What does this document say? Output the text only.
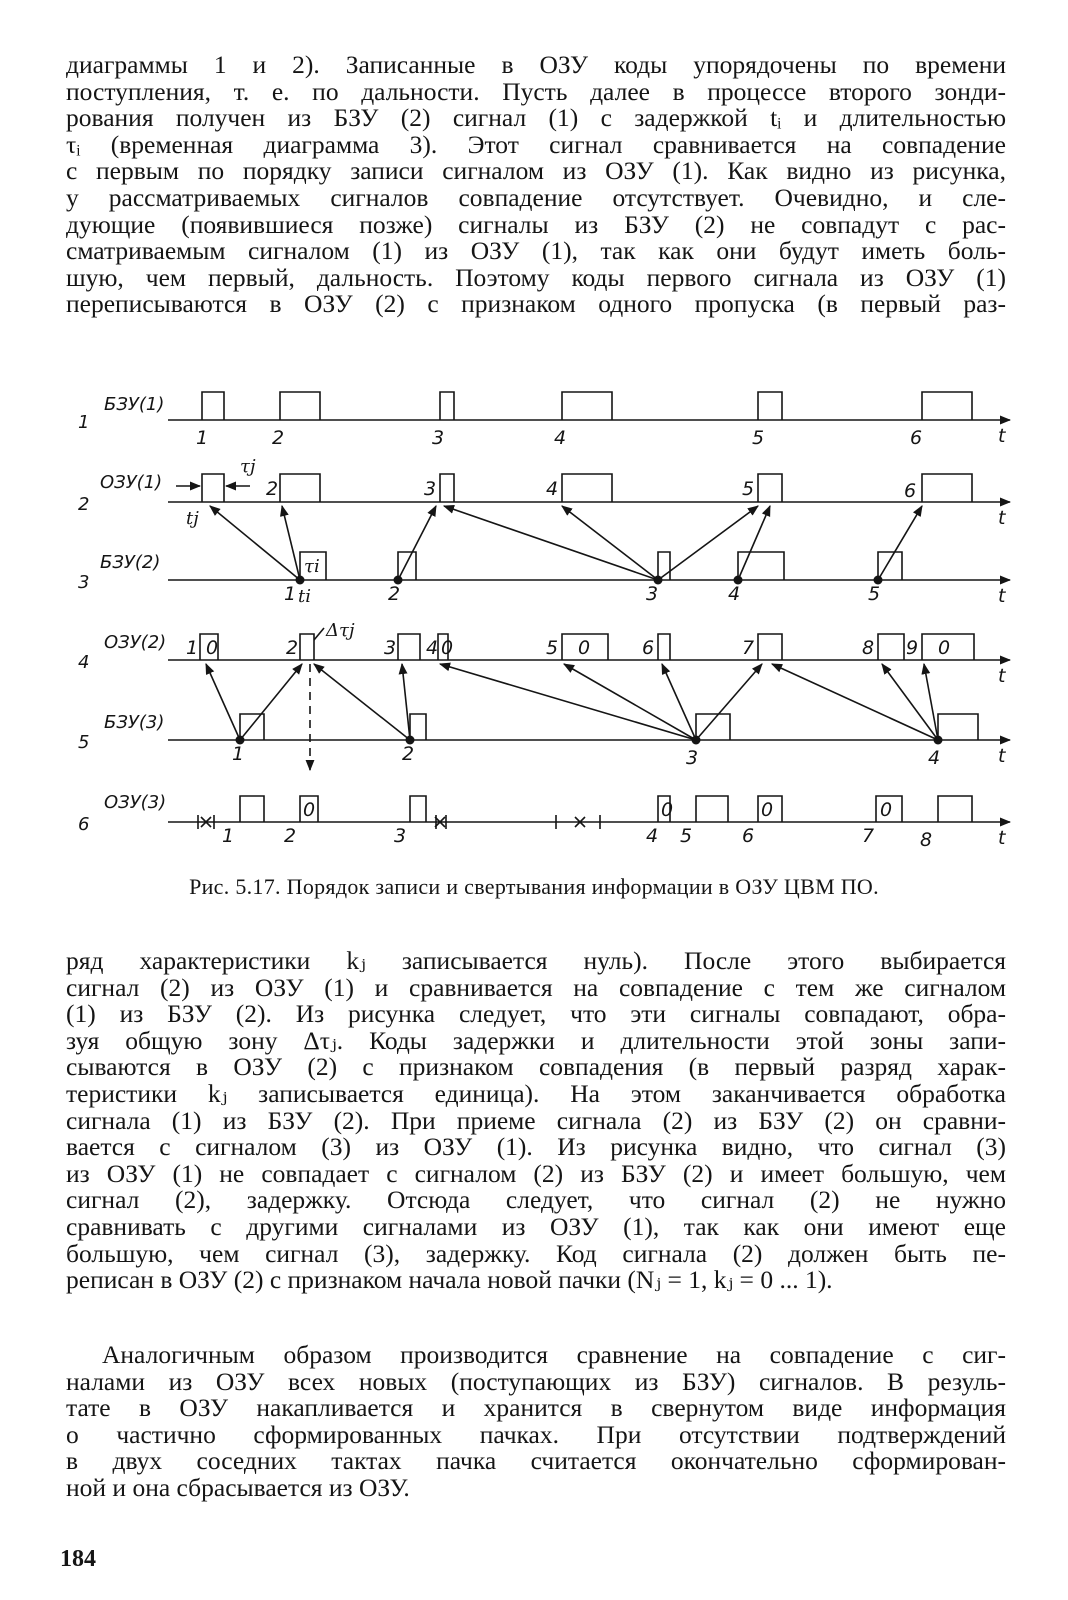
диаграммы 1 и 2). Записанные в ОЗУ коды упорядочены по времени
поступления, т. е. по дальности. Пусть далее в процессе второго зонди-
рования получен из БЗУ (2) сигнал (1) с задержкой tᵢ и длительностью
τᵢ (временная диаграмма 3). Этот сигнал сравнивается на совпадение
с первым по порядку записи сигналом из ОЗУ (1). Как видно из рисунка,
у рассматриваемых сигналов совпадение отсутствует. Очевидно, и сле-
дующие (появившиеся позже) сигналы из БЗУ (2) не совпадут с рас-
сматриваемым сигналом (1) из ОЗУ (1), так как они будут иметь боль-
шую, чем первый, дальность. Поэтому коды первого сигнала из ОЗУ (1)
переписываются в ОЗУ (2) с признаком одного пропуска (в первый раз-

1
БЗУ(1)
t
2
ОЗУ(1)
t
3
БЗУ(2)
t
4
ОЗУ(2)
t
5
БЗУ(3)
t
6
ОЗУ(3)
t
1	2	3	4	5	6
2	3	4	5	6
τj
tj
τi
1	2	3	4	5
ti
1	2	3 4	5	6	7	8 9
0	0	0	0
Δτj
1	2	3	4
1	2	3	4 5	6	7 8
0	0	0	0

Рис. 5.17. Порядок записи и свертывания информации в ОЗУ ЦВМ ПО.

ряд характеристики kⱼ записывается нуль). После этого выбирается
сигнал (2) из ОЗУ (1) и сравнивается на совпадение с тем же сигналом
(1) из БЗУ (2). Из рисунка следует, что эти сигналы совпадают, обра-
зуя общую зону Δτⱼ. Коды задержки и длительности этой зоны запи-
сываются в ОЗУ (2) с признаком совпадения (в первый разряд харак-
теристики kⱼ записывается единица). На этом заканчивается обработка
сигнала (1) из БЗУ (2). При приеме сигнала (2) из БЗУ (2) он сравни-
вается с сигналом (3) из ОЗУ (1). Из рисунка видно, что сигнал (3)
из ОЗУ (1) не совпадает с сигналом (2) из БЗУ (2) и имеет большую, чем
сигнал (2), задержку. Отсюда следует, что сигнал (2) не нужно
сравнивать с другими сигналами из ОЗУ (1), так как они имеют еще
большую, чем сигнал (3), задержку. Код сигнала (2) должен быть пе-
реписан в ОЗУ (2) с признаком начала новой пачки (Nⱼ = 1, kⱼ = 0 ... 1).

Аналогичным образом производится сравнение на совпадение с сиг-
налами из ОЗУ всех новых (поступающих из БЗУ) сигналов. В резуль-
тате в ОЗУ накапливается и хранится в свернутом виде информация
о частично сформированных пачках. При отсутствии подтверждений
в двух соседних тактах пачка считается окончательно сформирован-
ной и она сбрасывается из ОЗУ.

184
